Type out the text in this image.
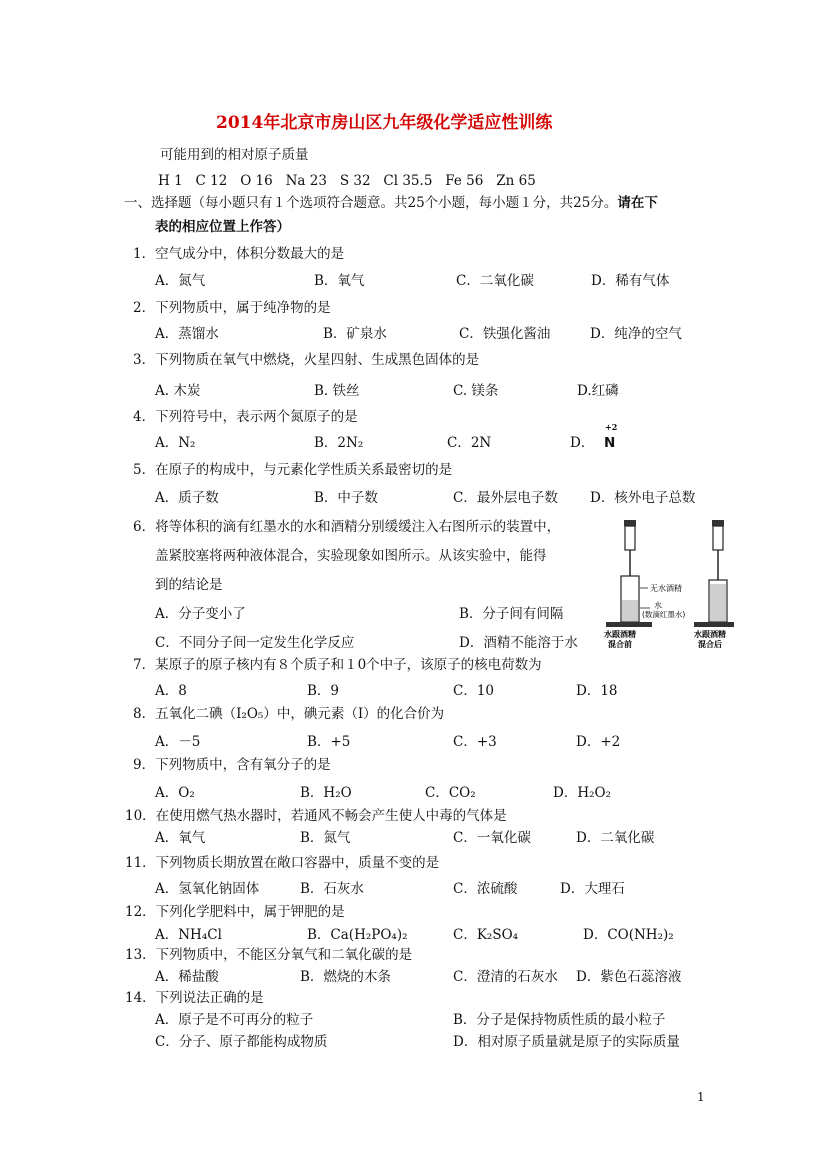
2014年北京市房山区九年级化学适应性训练
可能用到的相对原子质量
H 1   C 12   O 16   Na 23   S 32   Cl 35.5   Fe 56   Zn 65
一、选择题（每小题只有１个选项符合题意。共25个小题，每小题１分，共25分。请在下
表的相应位置上作答）
1．空气成分中，体积分数最大的是
A．氮气	B．氧气	C．二氧化碳	D．稀有气体
2．下列物质中，属于纯净物的是
A．蒸馏水	B．矿泉水	C．铁强化酱油	D．纯净的空气
3．下列物质在氧气中燃烧，火星四射、生成黑色固体的是
A. 木炭	B. 铁丝	C. 镁条	D.红磷
4．下列符号中，表示两个氮原子的是
A．N₂	B．2N₂	C．2N	D．
+2
N
5．在原子的构成中，与元素化学性质关系最密切的是
A．质子数	B．中子数	C．最外层电子数 D．核外电子总数
6．将等体积的滴有红墨水的水和酒精分别缓缓注入右图所示的装置中，
盖紧胶塞将两种液体混合，实验现象如图所示。从该实验中，能得
到的结论是
A．分子变小了	B．分子间有间隔
C．不同分子间一定发生化学反应	D．酒精不能溶于水
无水酒精
水
(数滴红墨水)
水跟酒精
混合前
水跟酒精
混合后
7．某原子的原子核内有８个质子和１0个中子，该原子的核电荷数为
A．8	B．9	C．10	D．18
8．五氧化二碘（I₂O₅）中，碘元素（I）的化合价为
A．－5	B．+5	C．+3	D．+2
9．下列物质中，含有氧分子的是
A．O₂	B．H₂O	C．CO₂	D．H₂O₂
10．在使用燃气热水器时，若通风不畅会产生使人中毒的气体是
A．氧气	B．氮气	C．一氧化碳	D．二氧化碳
11．下列物质长期放置在敞口容器中，质量不变的是
A．氢氧化钠固体	B．石灰水	C．浓硫酸	D．大理石
12．下列化学肥料中，属于钾肥的是
A．NH₄Cl	B．Ca(H₂PO₄)₂	C．K₂SO₄	D．CO(NH₂)₂
13．下列物质中，不能区分氧气和二氧化碳的是
A．稀盐酸	B．燃烧的木条	C．澄清的石灰水 D．紫色石蕊溶液
14．下列说法正确的是
A．原子是不可再分的粒子	B．分子是保持物质性质的最小粒子
C．分子、原子都能构成物质	D．相对原子质量就是原子的实际质量
1
